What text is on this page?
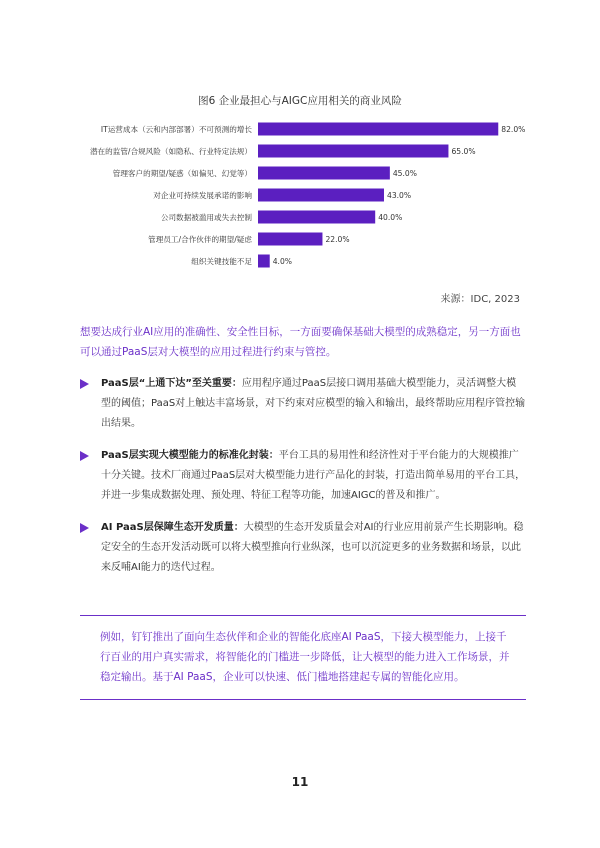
图6 企业最担心与AIGC应用相关的商业风险
IT运营成本（云和内部部署）不可预测的增长	82.0%
潜在的监管/合规风险（如隐私、行业特定法规）	65.0%
管理客户的期望/疑惑（如偏见、幻觉等）	45.0%
对企业可持续发展承诺的影响	43.0%
公司数据被滥用或失去控制	40.0%
管理员工/合作伙伴的期望/疑虑	22.0%
组织关键技能不足	4.0%
来源：IDC, 2023
想要达成行业AI应用的准确性、安全性目标，一方面要确保基础大模型的成熟稳定，另一方面也可以通过PaaS层对大模型的应用过程进行约束与管控。
PaaS层“上通下达”至关重要：应用程序通过PaaS层接口调用基础大模型能力，灵活调整大模型的阈值；PaaS对上触达丰富场景，对下约束对应模型的输入和输出，最终帮助应用程序管控输出结果。
PaaS层实现大模型能力的标准化封装：平台工具的易用性和经济性对于平台能力的大规模推广十分关键。技术厂商通过PaaS层对大模型能力进行产品化的封装，打造出简单易用的平台工具，并进一步集成数据处理、预处理、特征工程等功能，加速AIGC的普及和推广。
AI PaaS层保障生态开发质量：大模型的生态开发质量会对AI的行业应用前景产生长期影响。稳定安全的生态开发活动既可以将大模型推向行业纵深，也可以沉淀更多的业务数据和场景，以此来反哺AI能力的迭代过程。
例如，钉钉推出了面向生态伙伴和企业的智能化底座AI PaaS，下接大模型能力，上接千行百业的用户真实需求，将智能化的门槛进一步降低，让大模型的能力进入工作场景，并稳定输出。基于AI PaaS，企业可以快速、低门槛地搭建起专属的智能化应用。
11
